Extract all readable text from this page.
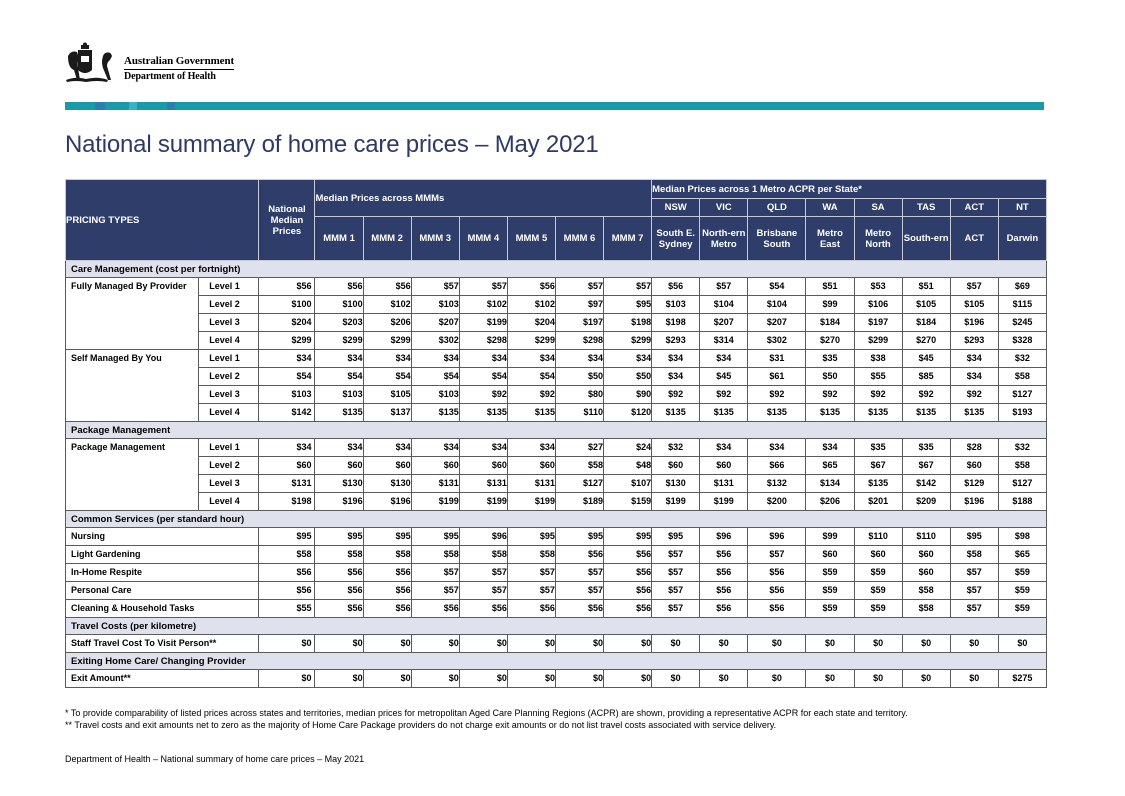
Australian Government
Department of Health
National summary of home care prices – May 2021
PRICING TYPES		National Median Prices	Median Prices across MMMs							Median Prices across 1 Metro ACPR per State*							
										NSW	VIC	QLD	WA	SA	TAS	ACT	NT
			MMM 1	MMM 2	MMM 3	MMM 4	MMM 5	MMM 6	MMM 7	South E. Sydney	North-ern Metro	Brisbane South	Metro East	Metro North	South-ern	ACT	Darwin
Care Management (cost per fortnight)																	
Fully Managed By Provider	Level 1	$56	$56	$56	$57	$57	$56	$57	$57	$56	$57	$54	$51	$53	$51	$57	$69
	Level 2	$100	$100	$102	$103	$102	$102	$97	$95	$103	$104	$104	$99	$106	$105	$105	$115
	Level 3	$204	$203	$206	$207	$199	$204	$197	$198	$198	$207	$207	$184	$197	$184	$196	$245
	Level 4	$299	$299	$299	$302	$298	$299	$298	$299	$293	$314	$302	$270	$299	$270	$293	$328
Self Managed By You	Level 1	$34	$34	$34	$34	$34	$34	$34	$34	$34	$34	$31	$35	$38	$45	$34	$32
	Level 2	$54	$54	$54	$54	$54	$54	$50	$50	$34	$45	$61	$50	$55	$85	$34	$58
	Level 3	$103	$103	$105	$103	$92	$92	$80	$90	$92	$92	$92	$92	$92	$92	$92	$127
	Level 4	$142	$135	$137	$135	$135	$135	$110	$120	$135	$135	$135	$135	$135	$135	$135	$193
Package Management																	
Package Management	Level 1	$34	$34	$34	$34	$34	$34	$27	$24	$32	$34	$34	$34	$35	$35	$28	$32
	Level 2	$60	$60	$60	$60	$60	$60	$58	$48	$60	$60	$66	$65	$67	$67	$60	$58
	Level 3	$131	$130	$130	$131	$131	$131	$127	$107	$130	$131	$132	$134	$135	$142	$129	$127
	Level 4	$198	$196	$196	$199	$199	$199	$189	$159	$199	$199	$200	$206	$201	$209	$196	$188
Common Services (per standard hour)																	
Nursing		$95	$95	$95	$95	$96	$95	$95	$95	$95	$96	$96	$99	$110	$110	$95	$98
Light Gardening		$58	$58	$58	$58	$58	$58	$56	$56	$57	$56	$57	$60	$60	$60	$58	$65
In-Home Respite		$56	$56	$56	$57	$57	$57	$57	$56	$57	$56	$56	$59	$59	$60	$57	$59
Personal Care		$56	$56	$56	$57	$57	$57	$57	$56	$57	$56	$56	$59	$59	$58	$57	$59
Cleaning & Household Tasks		$55	$56	$56	$56	$56	$56	$56	$56	$57	$56	$56	$59	$59	$58	$57	$59
Travel Costs (per kilometre)																	
Staff Travel Cost To Visit Person**		$0	$0	$0	$0	$0	$0	$0	$0	$0	$0	$0	$0	$0	$0	$0	$0
Exiting Home Care/ Changing Provider																	
Exit Amount**		$0	$0	$0	$0	$0	$0	$0	$0	$0	$0	$0	$0	$0	$0	$0	$275
* To provide comparability of listed prices across states and territories, median prices for metropolitan Aged Care Planning Regions (ACPR) are shown, providing a representative ACPR for each state and territory.
** Travel costs and exit amounts net to zero as the majority of Home Care Package providers do not charge exit amounts or do not list travel costs associated with service delivery.
Department of Health – National summary of home care prices – May 2021
